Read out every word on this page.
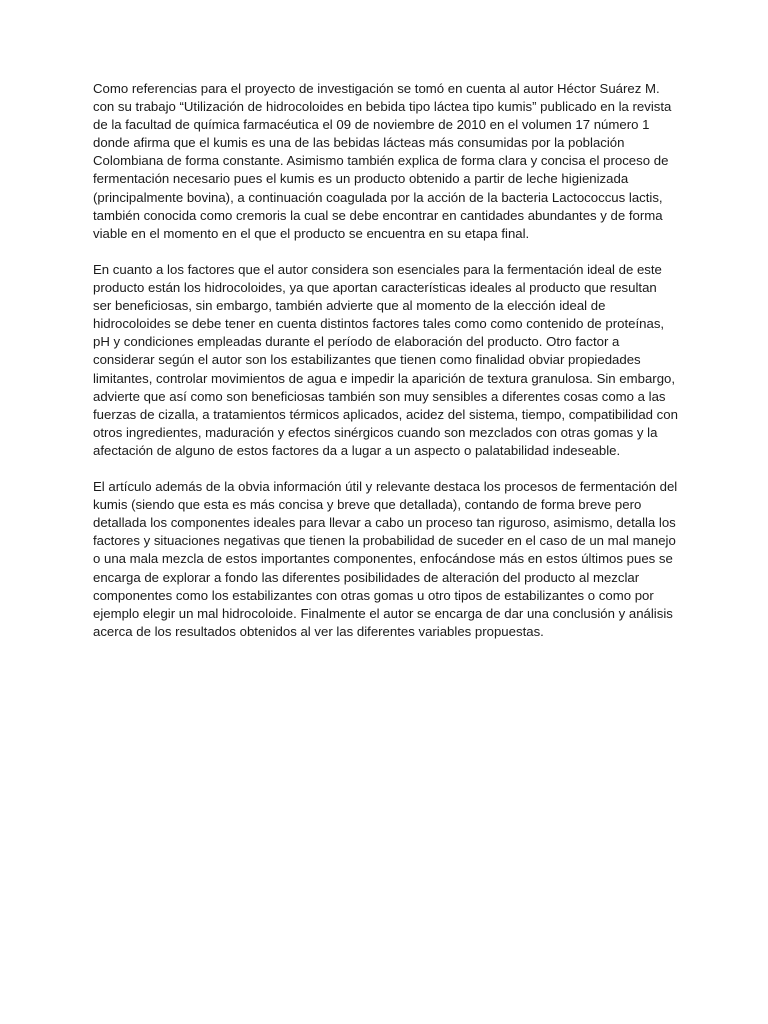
Como referencias para el proyecto de investigación se tomó en cuenta al autor Héctor Suárez M. con su trabajo “Utilización de hidrocoloides en bebida tipo láctea tipo kumis” publicado en la revista de la facultad de química farmacéutica el 09 de noviembre de 2010 en el volumen 17 número 1 donde afirma que el kumis es una de las bebidas lácteas más consumidas por la población Colombiana de forma constante. Asimismo también explica de forma clara y concisa el proceso de fermentación necesario pues el kumis es un producto obtenido a partir de leche higienizada (principalmente bovina), a continuación coagulada por la acción de la bacteria Lactococcus lactis, también conocida como cremoris la cual se debe encontrar en cantidades abundantes y de forma viable en el momento en el que el producto se encuentra en su etapa final.

En cuanto a los factores que el autor considera son esenciales para la fermentación ideal de este producto están los hidrocoloides, ya que aportan características ideales al producto que resultan ser beneficiosas, sin embargo, también advierte que al momento de la elección ideal de hidrocoloides se debe tener en cuenta distintos factores tales como como contenido de proteínas, pH y condiciones empleadas durante el período de elaboración del producto. Otro factor a considerar según el autor son los estabilizantes que tienen como finalidad obviar propiedades limitantes, controlar movimientos de agua e impedir la aparición de textura granulosa. Sin embargo, advierte que así como son beneficiosas también son muy sensibles a diferentes cosas como a las fuerzas de cizalla, a tratamientos térmicos aplicados, acidez del sistema, tiempo, compatibilidad con otros ingredientes, maduración y efectos sinérgicos cuando son mezclados con otras gomas y la afectación de alguno de estos factores da a lugar a un aspecto o palatabilidad indeseable.

El artículo además de la obvia información útil y relevante destaca los procesos de fermentación del kumis (siendo que esta es más concisa y breve que detallada), contando de forma breve pero detallada los componentes ideales para llevar a cabo un proceso tan riguroso, asimismo, detalla los factores y situaciones negativas que tienen la probabilidad de suceder en el caso de un mal manejo o una mala mezcla de estos importantes componentes, enfocándose más en estos últimos pues se encarga de explorar a fondo las diferentes posibilidades de alteración del producto al mezclar componentes como los estabilizantes con otras gomas u otro tipos de estabilizantes o como por ejemplo elegir un mal hidrocoloide. Finalmente el autor se encarga de dar una conclusión y análisis acerca de los resultados obtenidos al ver las diferentes variables propuestas.
